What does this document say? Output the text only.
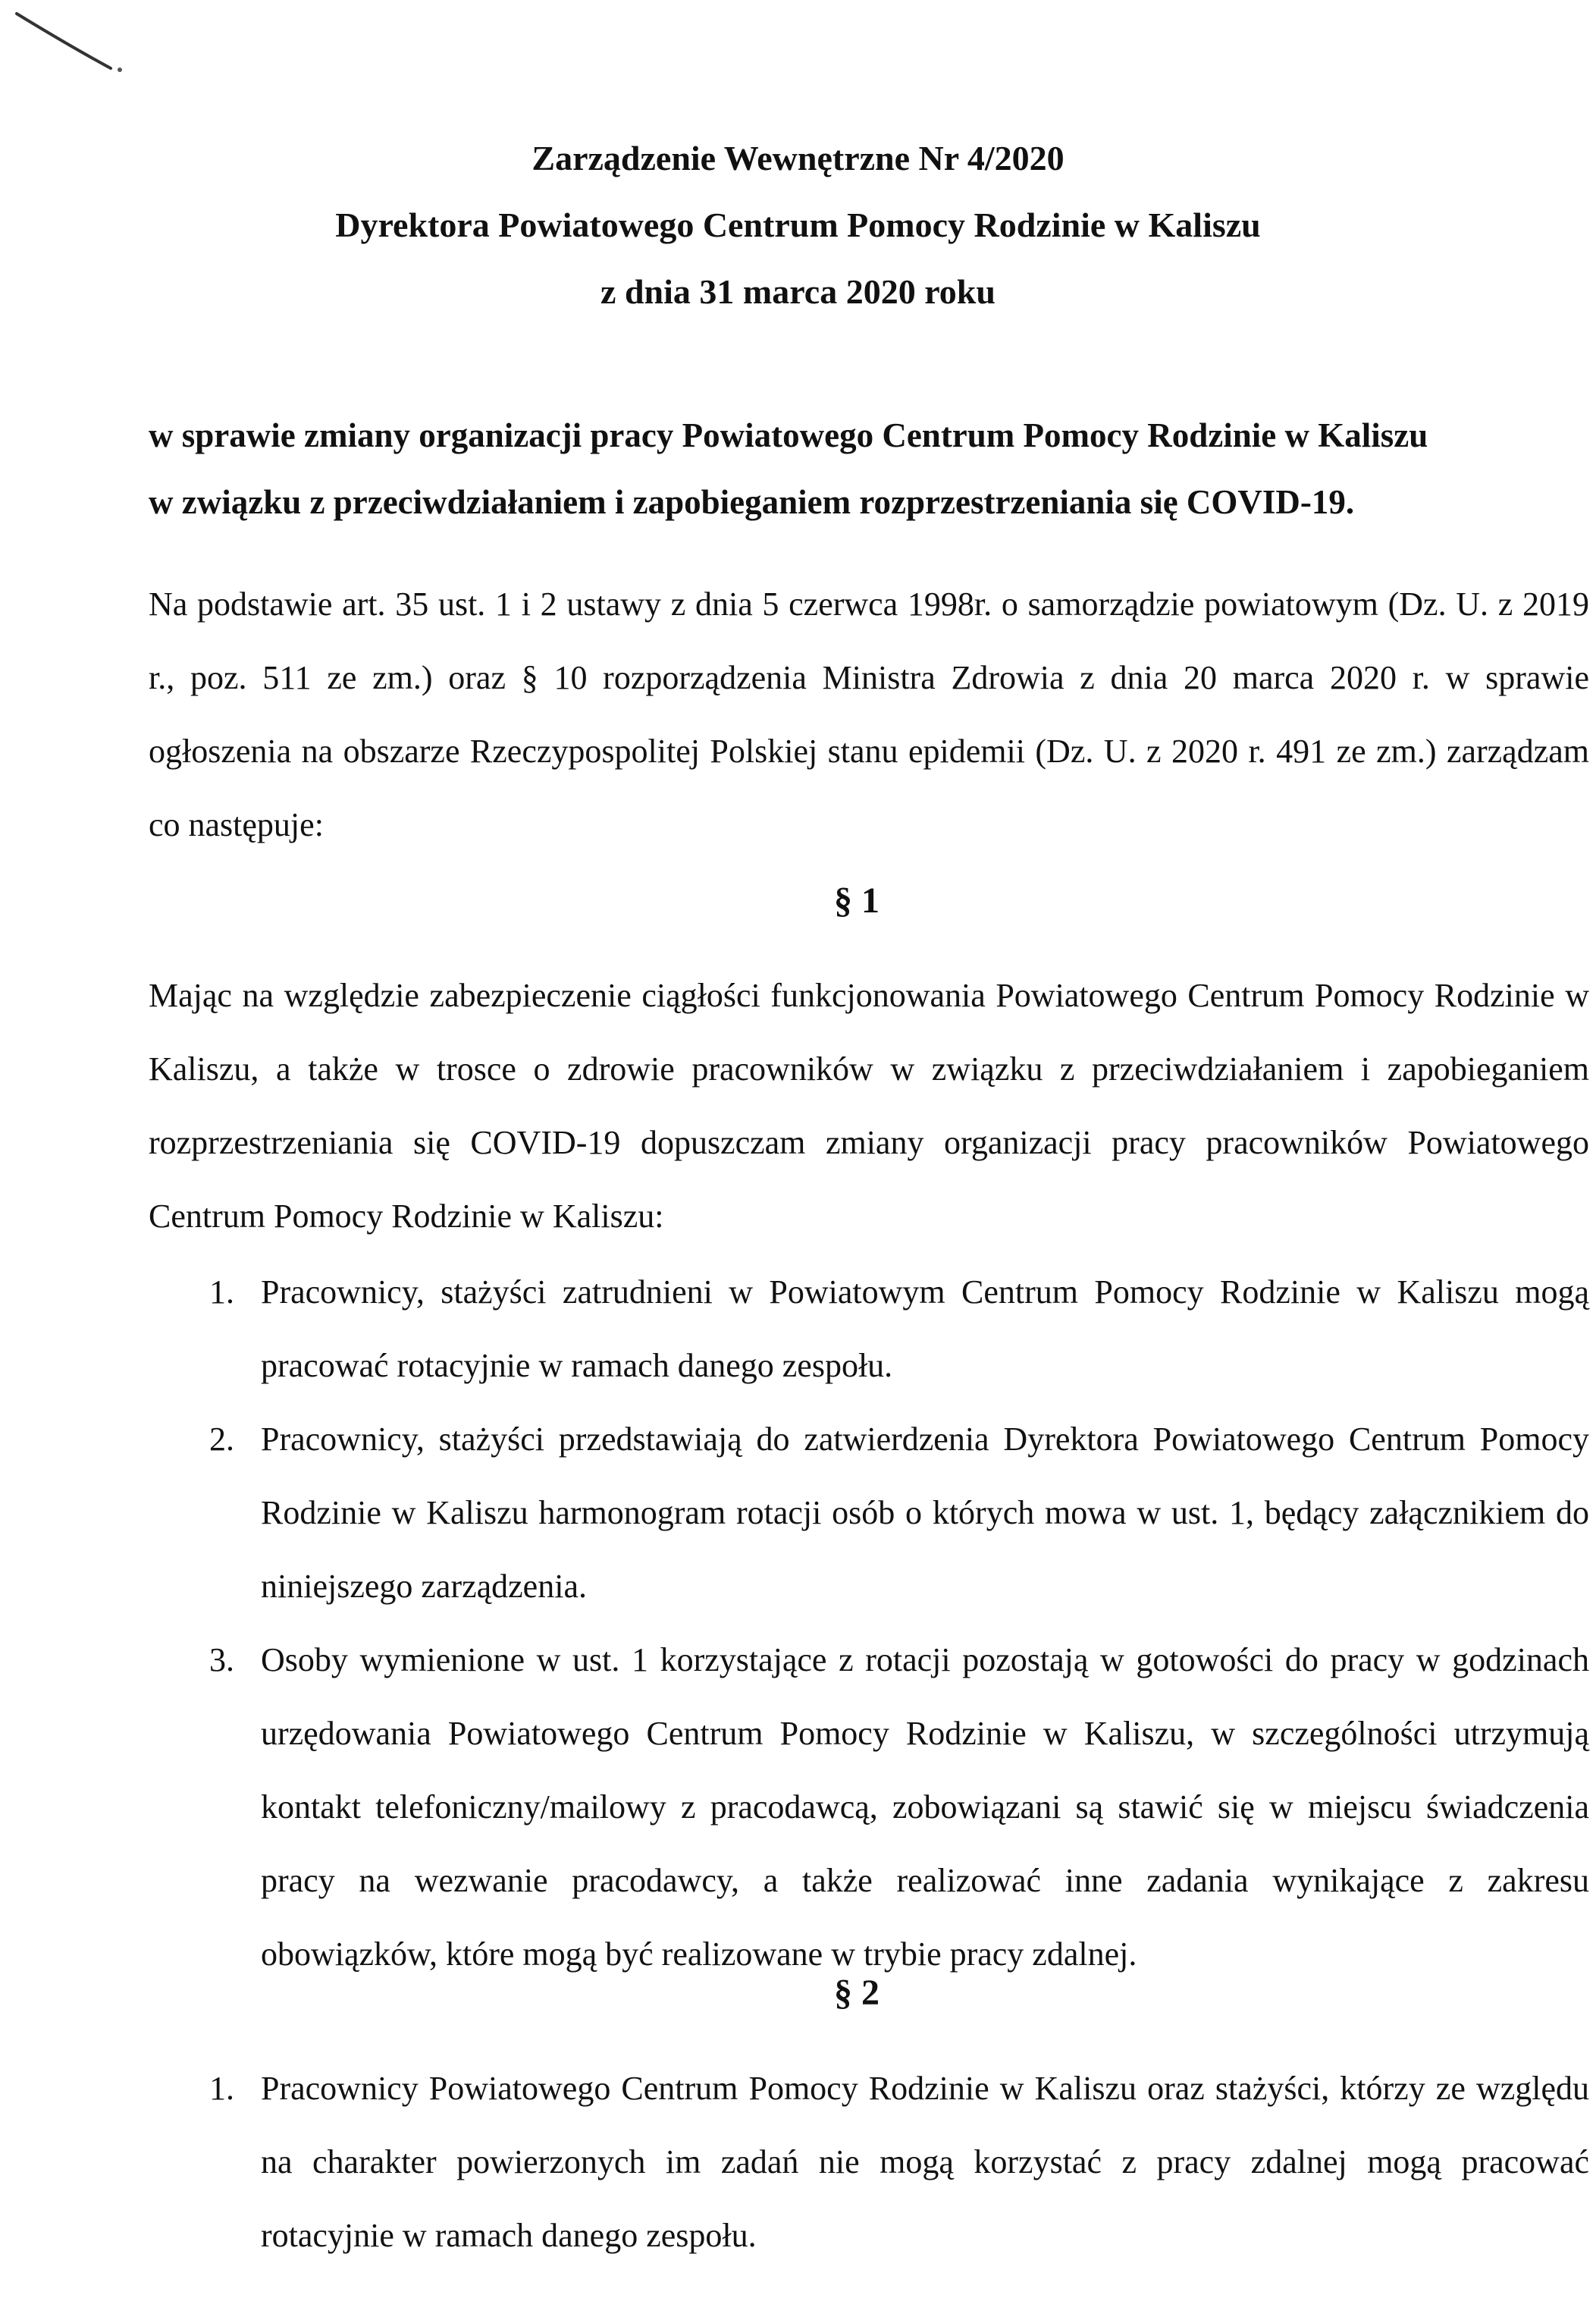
Zarządzenie Wewnętrzne Nr 4/2020
Dyrektora Powiatowego Centrum Pomocy Rodzinie w Kaliszu
z dnia 31 marca 2020 roku
w sprawie zmiany organizacji pracy Powiatowego Centrum Pomocy Rodzinie w Kaliszu
w związku z przeciwdziałaniem i zapobieganiem rozprzestrzeniania się COVID-19.

Na podstawie art. 35 ust. 1 i 2 ustawy z dnia 5 czerwca 1998r. o samorządzie powiatowym (Dz. U. z 2019 r., poz. 511 ze zm.) oraz § 10 rozporządzenia Ministra Zdrowia z dnia 20 marca 2020 r. w sprawie ogłoszenia na obszarze Rzeczypospolitej Polskiej stanu epidemii (Dz. U. z 2020 r. 491 ze zm.) zarządzam co następuje:

§ 1

Mając na względzie zabezpieczenie ciągłości funkcjonowania Powiatowego Centrum Pomocy Rodzinie w Kaliszu, a także w trosce o zdrowie pracowników w związku z przeciwdziałaniem i zapobieganiem rozprzestrzeniania się COVID-19 dopuszczam zmiany organizacji pracy pracowników Powiatowego Centrum Pomocy Rodzinie w Kaliszu:

1. Pracownicy, stażyści zatrudnieni w Powiatowym Centrum Pomocy Rodzinie w Kaliszu mogą pracować rotacyjnie w ramach danego zespołu.
2. Pracownicy, stażyści przedstawiają do zatwierdzenia Dyrektora Powiatowego Centrum Pomocy Rodzinie w Kaliszu harmonogram rotacji osób o których mowa w ust. 1, będący załącznikiem do niniejszego zarządzenia.
3. Osoby wymienione w ust. 1 korzystające z rotacji pozostają w gotowości do pracy w godzinach urzędowania Powiatowego Centrum Pomocy Rodzinie w Kaliszu, w szczególności utrzymują kontakt telefoniczny/mailowy z pracodawcą, zobowiązani są stawić się w miejscu świadczenia pracy na wezwanie pracodawcy, a także realizować inne zadania wynikające z zakresu obowiązków, które mogą być realizowane w trybie pracy zdalnej.
§ 2
1. Pracownicy Powiatowego Centrum Pomocy Rodzinie w Kaliszu oraz stażyści, którzy ze względu na charakter powierzonych im zadań nie mogą korzystać z pracy zdalnej mogą pracować rotacyjnie w ramach danego zespołu.
